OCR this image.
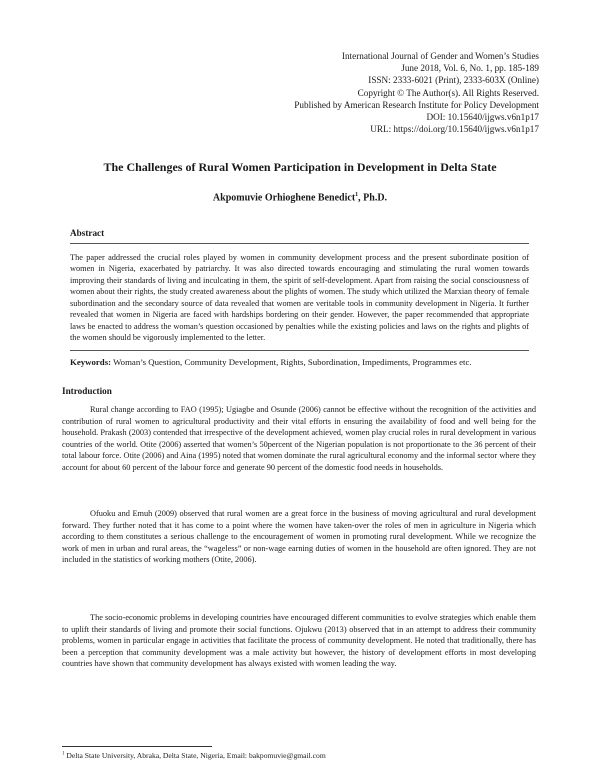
International Journal of Gender and Women’s Studies
June 2018, Vol. 6, No. 1, pp. 185-189
ISSN: 2333-6021 (Print), 2333-603X (Online)
Copyright © The Author(s). All Rights Reserved.
Published by American Research Institute for Policy Development
DOI: 10.15640/ijgws.v6n1p17
URL: https://doi.org/10.15640/ijgws.v6n1p17
The Challenges of Rural Women Participation in Development in Delta State
Akpomuvie Orhioghene Benedict$^1$, Ph.D.
Abstract
The paper addressed the crucial roles played by women in community development process and the present subordinate position of women in Nigeria, exacerbated by patriarchy. It was also directed towards encouraging and stimulating the rural women towards improving their standards of living and inculcating in them, the spirit of self-development. Apart from raising the social consciousness of women about their rights, the study created awareness about the plights of women. The study which utilized the Marxian theory of female subordination and the secondary source of data revealed that women are veritable tools in community development in Nigeria. It further revealed that women in Nigeria are faced with hardships bordering on their gender. However, the paper recommended that appropriate laws be enacted to address the woman’s question occasioned by penalties while the existing policies and laws on the rights and plights of the women should be vigorously implemented to the letter.
Keywords: Woman’s Question, Community Development, Rights, Subordination, Impediments, Programmes etc.
Introduction
Rural change according to FAO (1995); Ugiagbe and Osunde (2006) cannot be effective without the recognition of the activities and contribution of rural women to agricultural productivity and their vital efforts in ensuring the availability of food and well being for the household. Prakash (2003) contended that irrespective of the development achieved, women play crucial roles in rural development in various countries of the world. Otite (2006) asserted that women’s 50percent of the Nigerian population is not proportionate to the 36 percent of their total labour force. Otite (2006) and Aina (1995) noted that women dominate the rural agricultural economy and the informal sector where they account for about 60 percent of the labour force and generate 90 percent of the domestic food needs in households.
Ofuoku and Emuh (2009) observed that rural women are a great force in the business of moving agricultural and rural development forward. They further noted that it has come to a point where the women have taken-over the roles of men in agriculture in Nigeria which according to them constitutes a serious challenge to the encouragement of women in promoting rural development. While we recognize the work of men in urban and rural areas, the “wageless” or non-wage earning duties of women in the household are often ignored. They are not included in the statistics of working mothers (Otite, 2006).
The socio-economic problems in developing countries have encouraged different communities to evolve strategies which enable them to uplift their standards of living and promote their social functions. Ojukwu (2013) observed that in an attempt to address their community problems, women in particular engage in activities that facilitate the process of community development. He noted that traditionally, there has been a perception that community development was a male activity but however, the history of development efforts in most developing countries have shown that community development has always existed with women leading the way.
$^1$ Delta State University, Abraka, Delta State, Nigeria, Email: bakpomuvie@gmail.com
